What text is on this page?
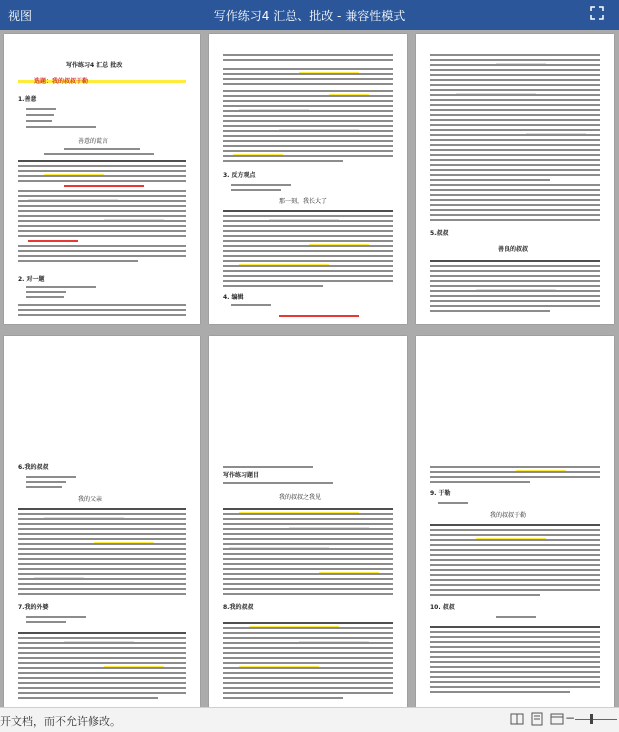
视图	写作练习4 汇总、批改 - 兼容性模式
写作练习4 汇总 批改
选题：我的叔叔于勒
1.善意
善意的谎言
2. 对一题
3. 反方观点
那一刻，我长大了
4. 编辑
5.叔叔
善良的叔叔
6.我的叔叔
我的父亲
7.我的外婆
写作练习题目
我的叔叔之我见
8.我的叔叔
9. 于勒
我的叔叔于勒
10. 叔叔
开文档，而不允许修改。	−
